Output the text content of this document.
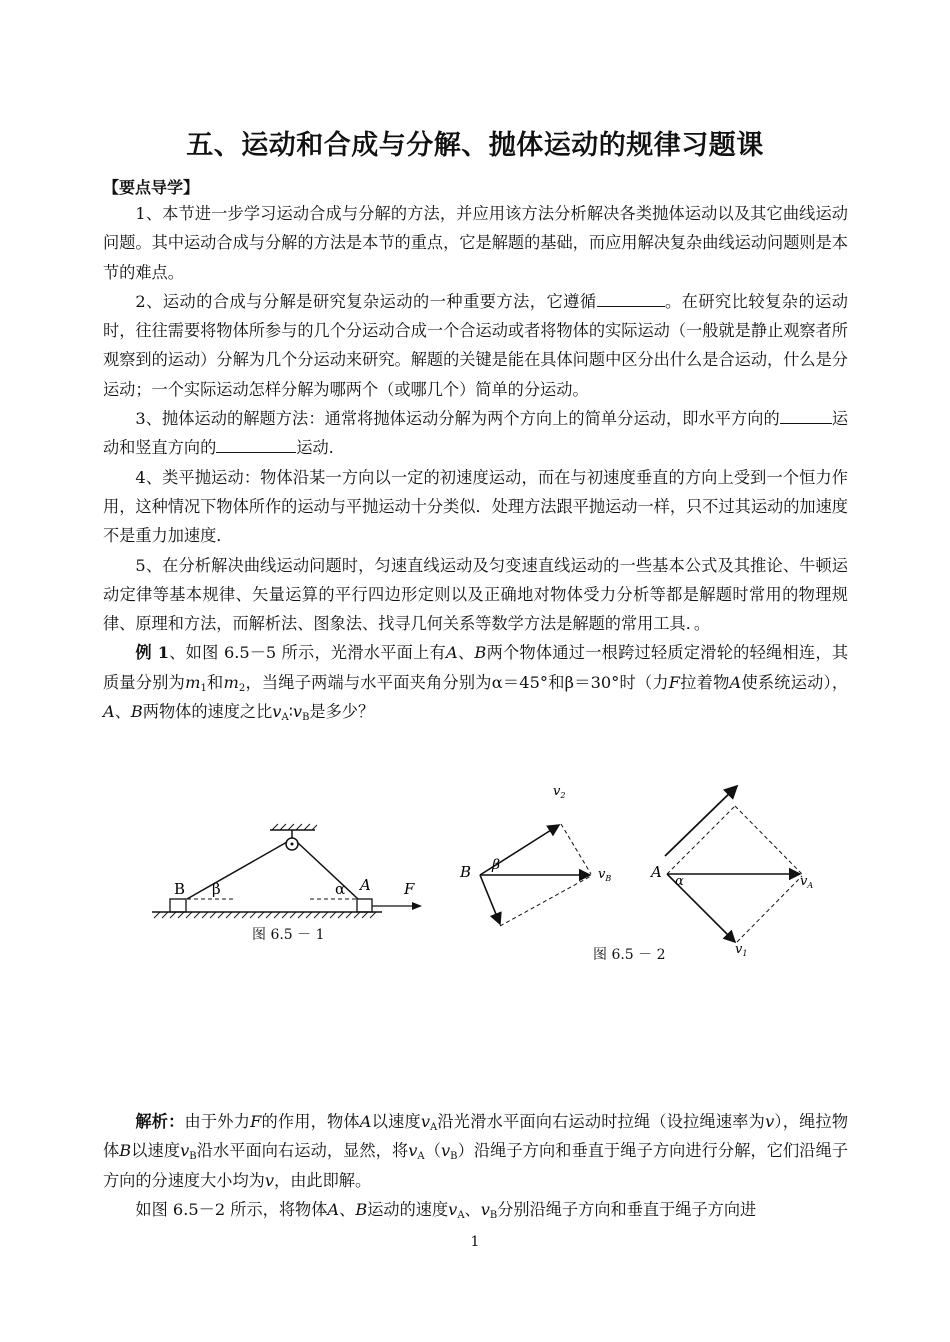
五、运动和合成与分解、抛体运动的规律习题课
【要点导学】

1、本节进一步学习运动合成与分解的方法，并应用该方法分析解决各类抛体运动以及其它曲线运动问题。其中运动合成与分解的方法是本节的重点，它是解题的基础，而应用解决复杂曲线运动问题则是本节的难点。

2、运动的合成与分解是研究复杂运动的一种重要方法，它遵循	。在研究比较复杂的运动时，往往需要将物体所参与的几个分运动合成一个合运动或者将物体的实际运动（一般就是静止观察者所观察到的运动）分解为几个分运动来研究。解题的关键是能在具体问题中区分出什么是合运动，什么是分运动；一个实际运动怎样分解为哪两个（或哪几个）简单的分运动。

3、抛体运动的解题方法：通常将抛体运动分解为两个方向上的简单分运动，即水平方向的	运动和竖直方向的	运动.

4、类平抛运动：物体沿某一方向以一定的初速度运动，而在与初速度垂直的方向上受到一个恒力作用，这种情况下物体所作的运动与平抛运动十分类似．处理方法跟平抛运动一样，只不过其运动的加速度不是重力加速度．

5、在分析解决曲线运动问题时，匀速直线运动及匀变速直线运动的一些基本公式及其推论、牛顿运动定律等基本规律、矢量运算的平行四边形定则以及正确地对物体受力分析等都是解题时常用的物理规律、原理和方法，而解析法、图象法、找寻几何关系等数学方法是解题的常用工具．。

例 1、如图 6.5－5 所示，光滑水平面上有A、B两个物体通过一根跨过轻质定滑轮的轻绳相连，其质量分别为$m_1$和$m_2$，当绳子两端与水平面夹角分别为α＝45°和β＝30°时（力F拉着物A使系统运动），A、B两物体的速度之比$v_A∶v_B$是多少？

B β	α A F
图 6.5 － 1
$v_2$
B β
$v_B$	A
α	$v_A$
$v_1$
图 6.5 － 2

解析：由于外力F的作用，物体A以速度$v_A$沿光滑水平面向右运动时拉绳（设拉绳速率为v），绳拉物体B以速度$v_B$沿水平面向右运动，显然，将$v_A(v_B)$沿绳子方向和垂直于绳子方向进行分解，它们沿绳子方向的分速度大小均为v，由此即解。

如图 6.5－2 所示，将物体A、B运动的速度$v_A$、$v_B$分别沿绳子方向和垂直于绳子方向进

1
